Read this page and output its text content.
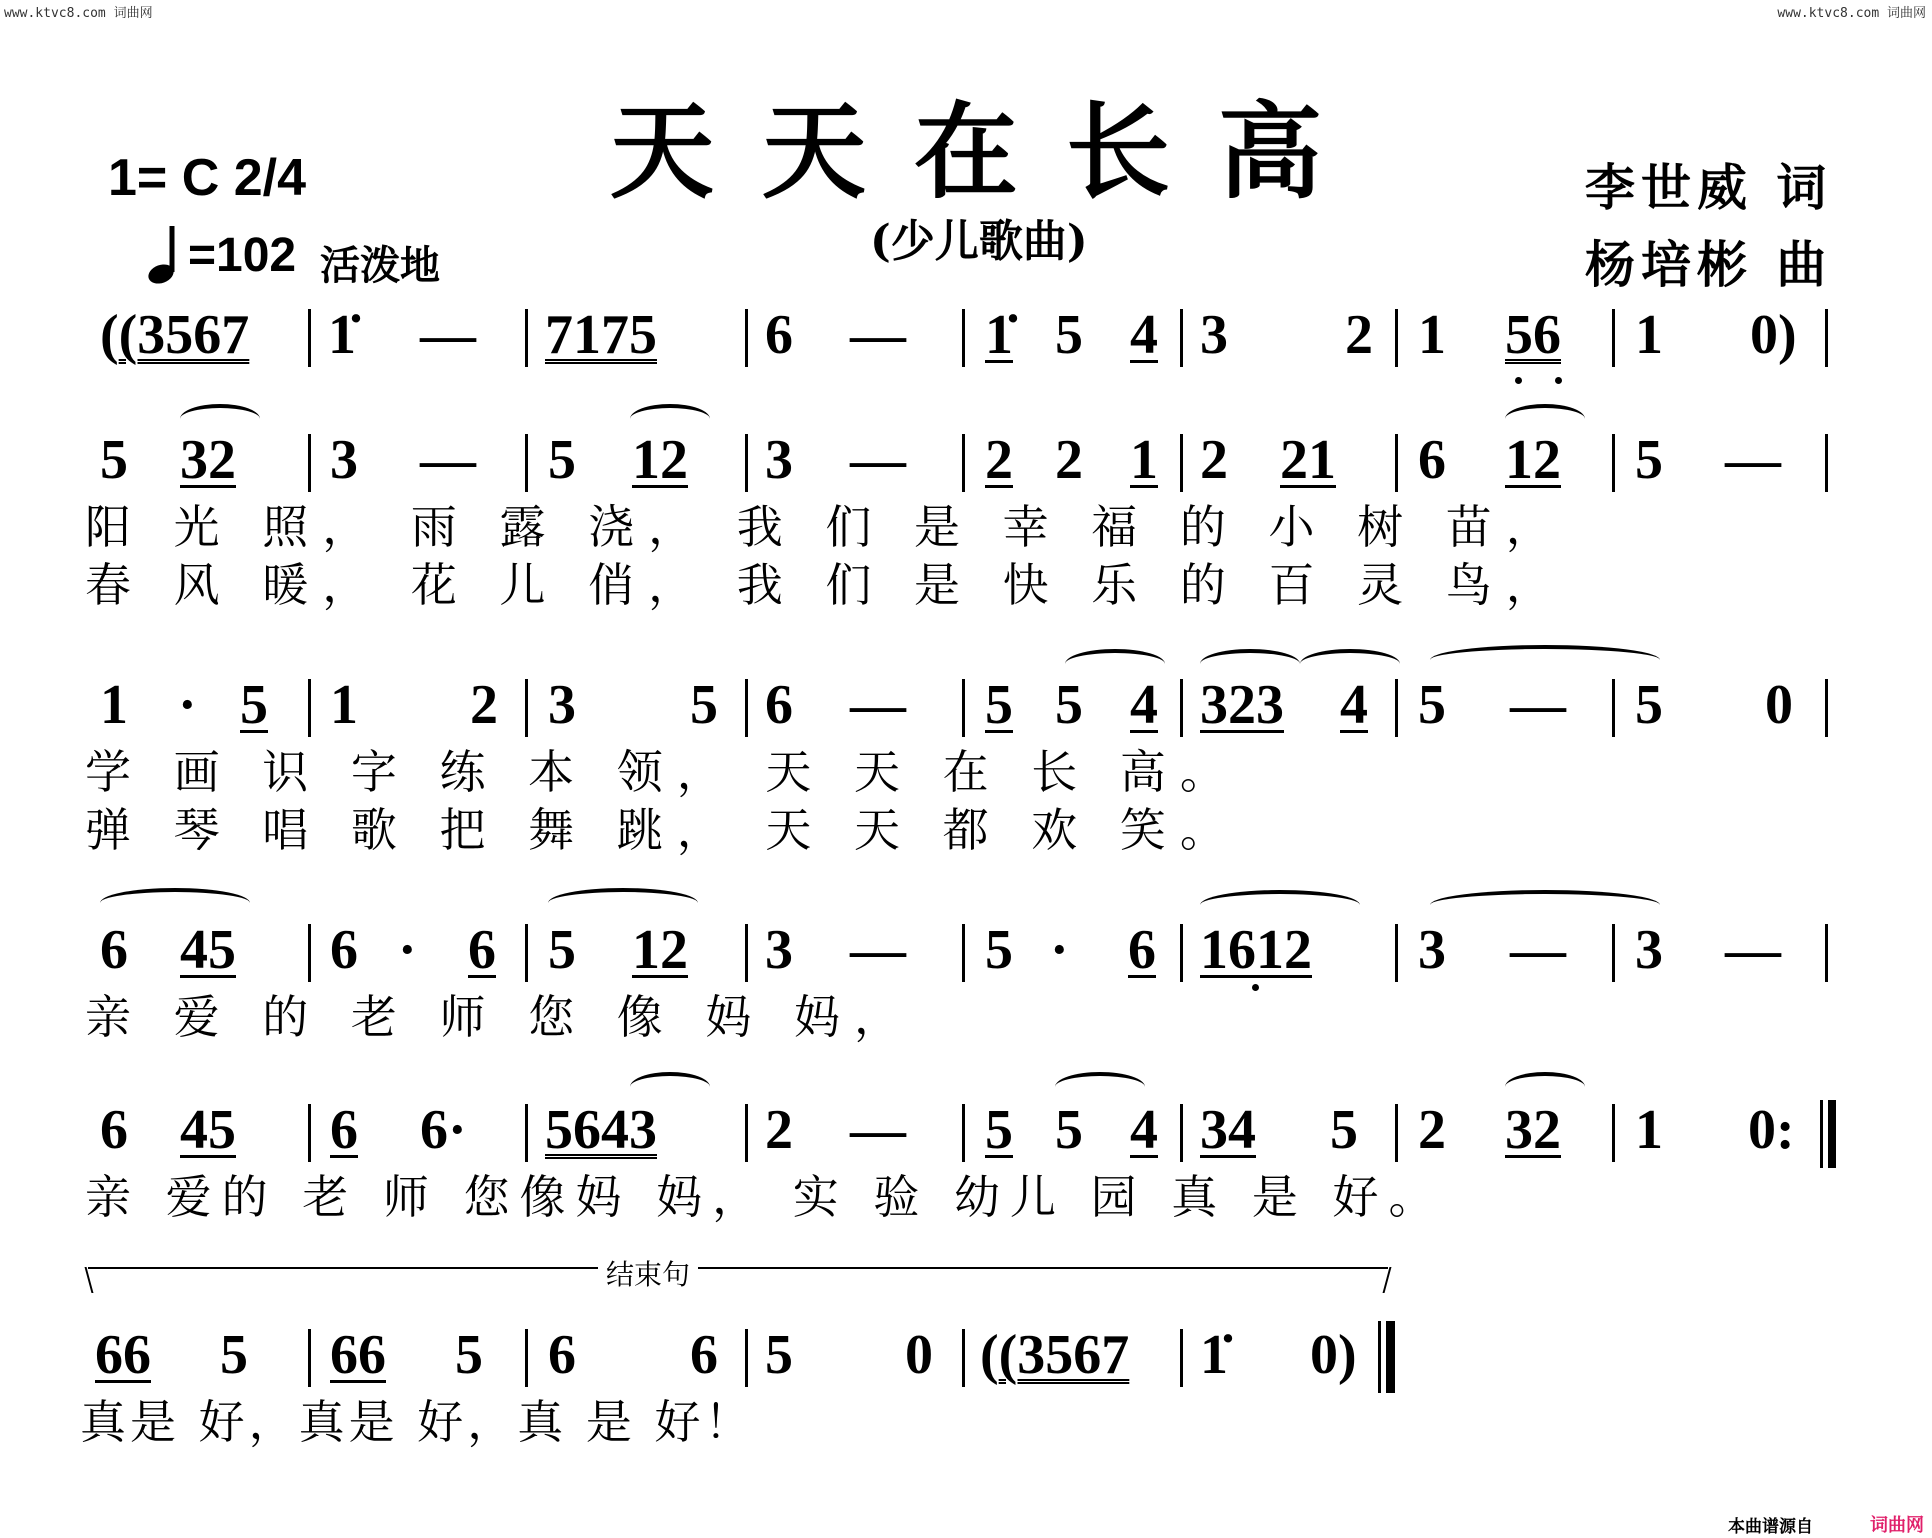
www.ktvc8.com 词曲网	www.ktvc8.com 词曲网
天天在长高
(少儿歌曲)
1= C 2/4
=102 活泼地
李世威 词
杨培彬 曲
((3567 1̇ — 7175 6 — 1̇ 5 4 3 2 1 56 1 0)
5 32 3 — 5 12 3 — 2 2 1 2 21 6 12 5 —
阳 光 照， 雨 露 浇， 我 们 是 幸 福 的 小 树 苗，
春 风 暖， 花 儿 俏， 我 们 是 快 乐 的 百 灵 鸟，
1 · 5 1 2 3 5 6 — 5 5 4 323 4 5 — 5 0
学 画 识 字 练 本 领， 天 天 在 长 高。
弹 琴 唱 歌 把 舞 跳， 天 天 都 欢 笑。
6 45 6 · 6 5 12 3 — 5 · 6 1612 3 — 3 —
亲 爱 的 老 师 您 像 妈 妈，
6 45 6 6· 5643 2 — 5 5 4 34 5 2 32 1 0:
亲 爱的 老 师 您像妈 妈， 实 验 幼儿 园 真 是 好。
结束句
66 5 66 5 6 6 5 0 ((3567 1̇ 0)
真是 好，真是 好，真 是 好！
本曲谱源自	词曲网
